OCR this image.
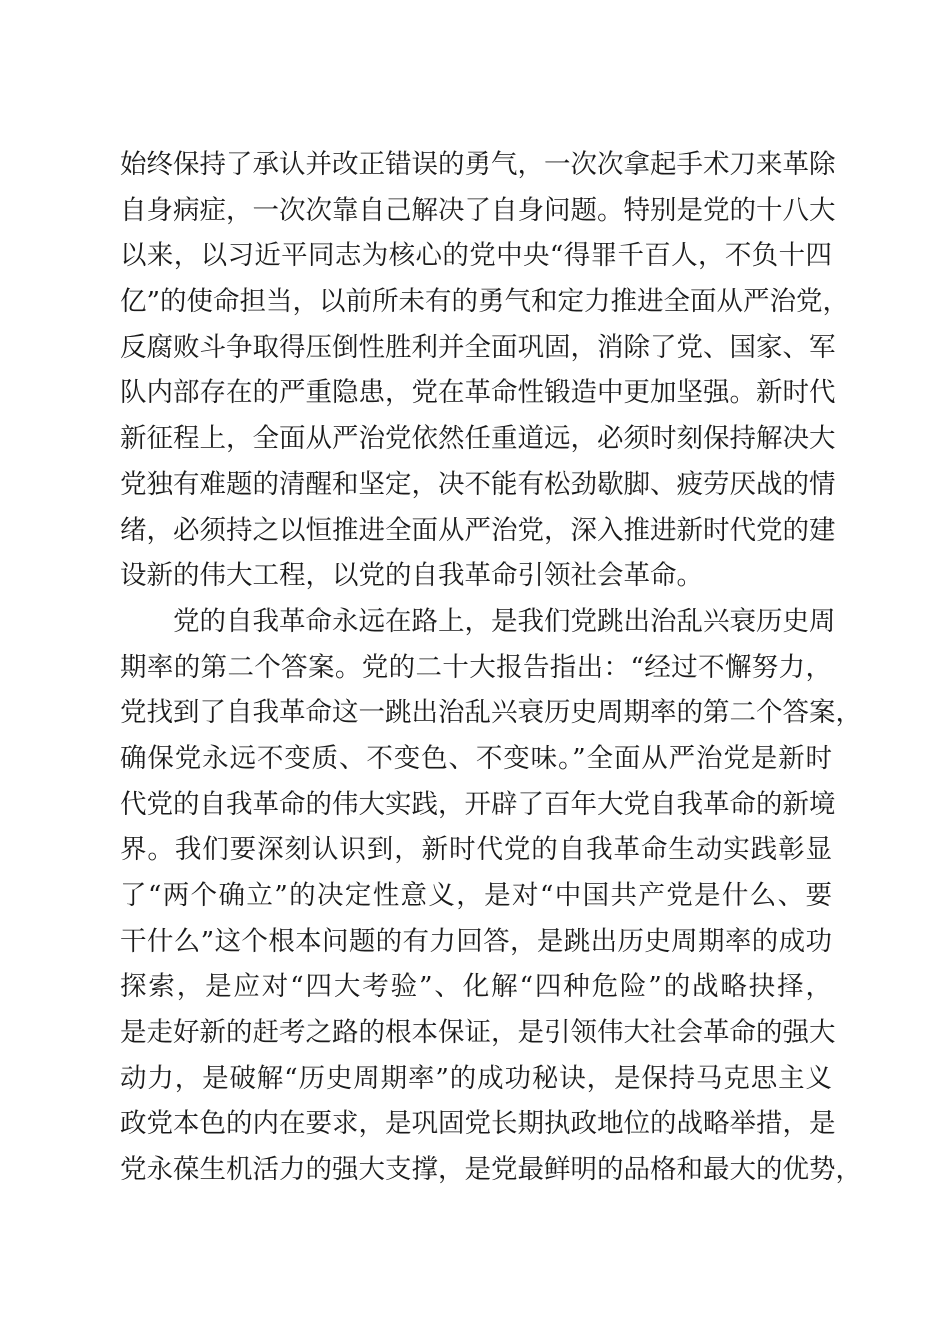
始终保持了承认并改正错误的勇气，一次次拿起手术刀来革除
自身病症，一次次靠自己解决了自身问题。特别是党的十八大
以来，以习近平同志为核心的党中央“得罪千百人，不负十四
亿”的使命担当，以前所未有的勇气和定力推进全面从严治党，
反腐败斗争取得压倒性胜利并全面巩固，消除了党、国家、军
队内部存在的严重隐患，党在革命性锻造中更加坚强。新时代
新征程上，全面从严治党依然任重道远，必须时刻保持解决大
党独有难题的清醒和坚定，决不能有松劲歇脚、疲劳厌战的情
绪，必须持之以恒推进全面从严治党，深入推进新时代党的建
设新的伟大工程，以党的自我革命引领社会革命。
　　党的自我革命永远在路上，是我们党跳出治乱兴衰历史周
期率的第二个答案。党的二十大报告指出：“经过不懈努力，
党找到了自我革命这一跳出治乱兴衰历史周期率的第二个答案，
确保党永远不变质、不变色、不变味。”全面从严治党是新时
代党的自我革命的伟大实践，开辟了百年大党自我革命的新境
界。我们要深刻认识到，新时代党的自我革命生动实践彰显
了“两个确立”的决定性意义，是对“中国共产党是什么、要
干什么”这个根本问题的有力回答，是跳出历史周期率的成功
探索，是应对“四大考验”、化解“四种危险”的战略抉择，
是走好新的赶考之路的根本保证，是引领伟大社会革命的强大
动力，是破解“历史周期率”的成功秘诀，是保持马克思主义
政党本色的内在要求，是巩固党长期执政地位的战略举措，是
党永葆生机活力的强大支撑，是党最鲜明的品格和最大的优势，
